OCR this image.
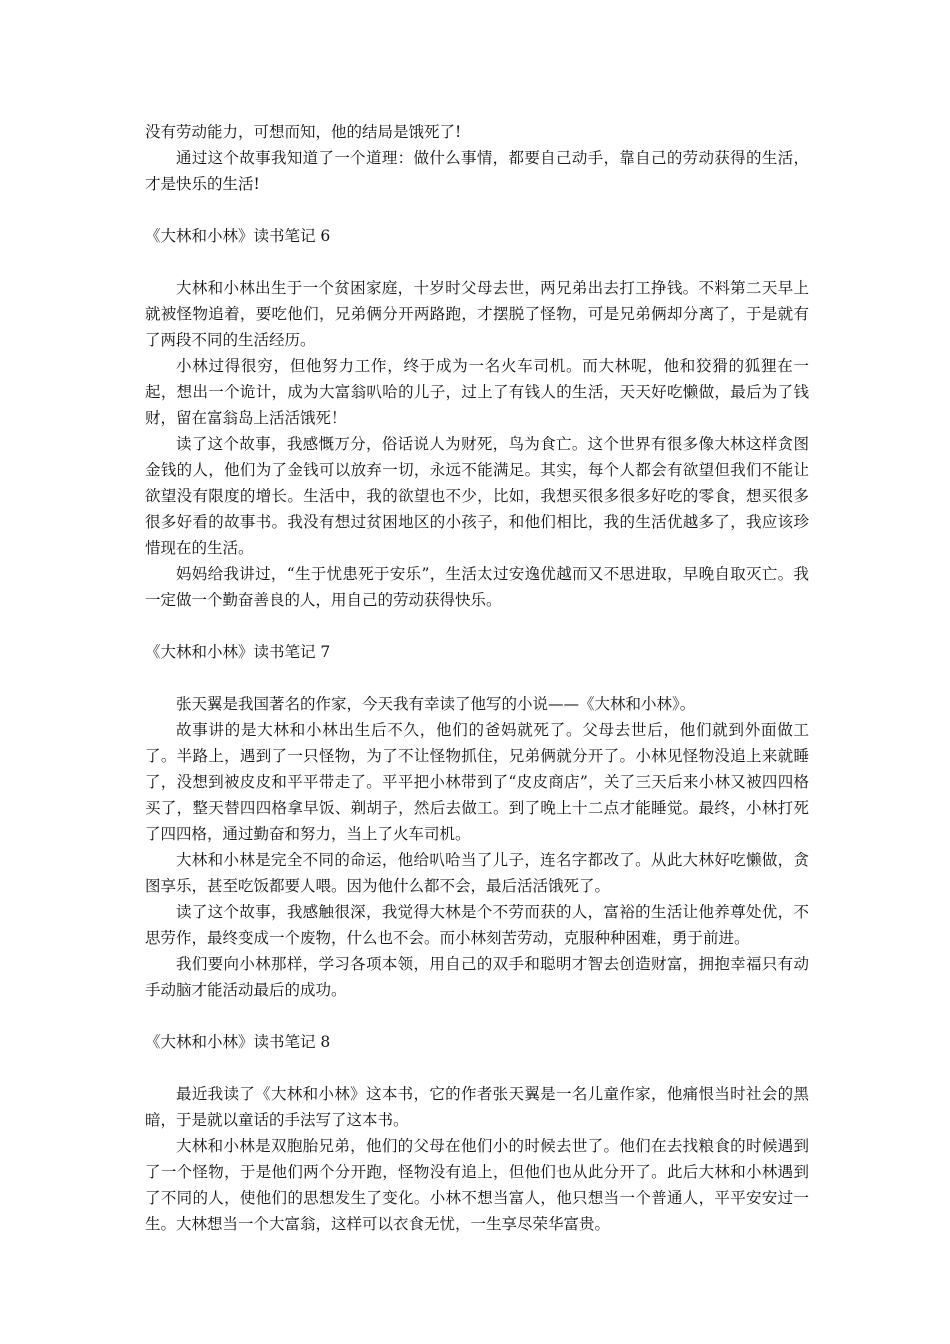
没有劳动能力，可想而知，他的结局是饿死了!

通过这个故事我知道了一个道理：做什么事情，都要自己动手，靠自己的劳动获得的生活，才是快乐的生活!

《大林和小林》读书笔记 6

大林和小林出生于一个贫困家庭，十岁时父母去世，两兄弟出去打工挣钱。不料第二天早上就被怪物追着，要吃他们，兄弟俩分开两路跑，才摆脱了怪物，可是兄弟俩却分离了，于是就有了两段不同的生活经历。

小林过得很穷，但他努力工作，终于成为一名火车司机。而大林呢，他和狡猾的狐狸在一起，想出一个诡计，成为大富翁叭哈的儿子，过上了有钱人的生活，天天好吃懒做，最后为了钱财，留在富翁岛上活活饿死！

读了这个故事，我感慨万分，俗话说人为财死，鸟为食亡。这个世界有很多像大林这样贪图金钱的人，他们为了金钱可以放弃一切，永远不能满足。其实，每个人都会有欲望但我们不能让欲望没有限度的增长。生活中，我的欲望也不少，比如，我想买很多很多好吃的零食，想买很多很多好看的故事书。我没有想过贫困地区的小孩子，和他们相比，我的生活优越多了，我应该珍惜现在的生活。

妈妈给我讲过，“生于忧患死于安乐”，生活太过安逸优越而又不思进取，早晚自取灭亡。我一定做一个勤奋善良的人，用自己的劳动获得快乐。

《大林和小林》读书笔记 7

张天翼是我国著名的作家，今天我有幸读了他写的小说——《大林和小林》。

故事讲的是大林和小林出生后不久，他们的爸妈就死了。父母去世后，他们就到外面做工了。半路上，遇到了一只怪物，为了不让怪物抓住，兄弟俩就分开了。小林见怪物没追上来就睡了，没想到被皮皮和平平带走了。平平把小林带到了“皮皮商店”，关了三天后来小林又被四四格买了，整天替四四格拿早饭、剃胡子，然后去做工。到了晚上十二点才能睡觉。最终，小林打死了四四格，通过勤奋和努力，当上了火车司机。

大林和小林是完全不同的命运，他给叭哈当了儿子，连名字都改了。从此大林好吃懒做，贪图享乐，甚至吃饭都要人喂。因为他什么都不会，最后活活饿死了。

读了这个故事，我感触很深，我觉得大林是个不劳而获的人，富裕的生活让他养尊处优，不思劳作，最终变成一个废物，什么也不会。而小林刻苦劳动，克服种种困难，勇于前进。

我们要向小林那样，学习各项本领，用自己的双手和聪明才智去创造财富，拥抱幸福只有动手动脑才能活动最后的成功。

《大林和小林》读书笔记 8

最近我读了《大林和小林》这本书，它的作者张天翼是一名儿童作家，他痛恨当时社会的黑暗，于是就以童话的手法写了这本书。

大林和小林是双胞胎兄弟，他们的父母在他们小的时候去世了。他们在去找粮食的时候遇到了一个怪物，于是他们两个分开跑，怪物没有追上，但他们也从此分开了。此后大林和小林遇到了不同的人，使他们的思想发生了变化。小林不想当富人，他只想当一个普通人，平平安安过一生。大林想当一个大富翁，这样可以衣食无忧，一生享尽荣华富贵。
